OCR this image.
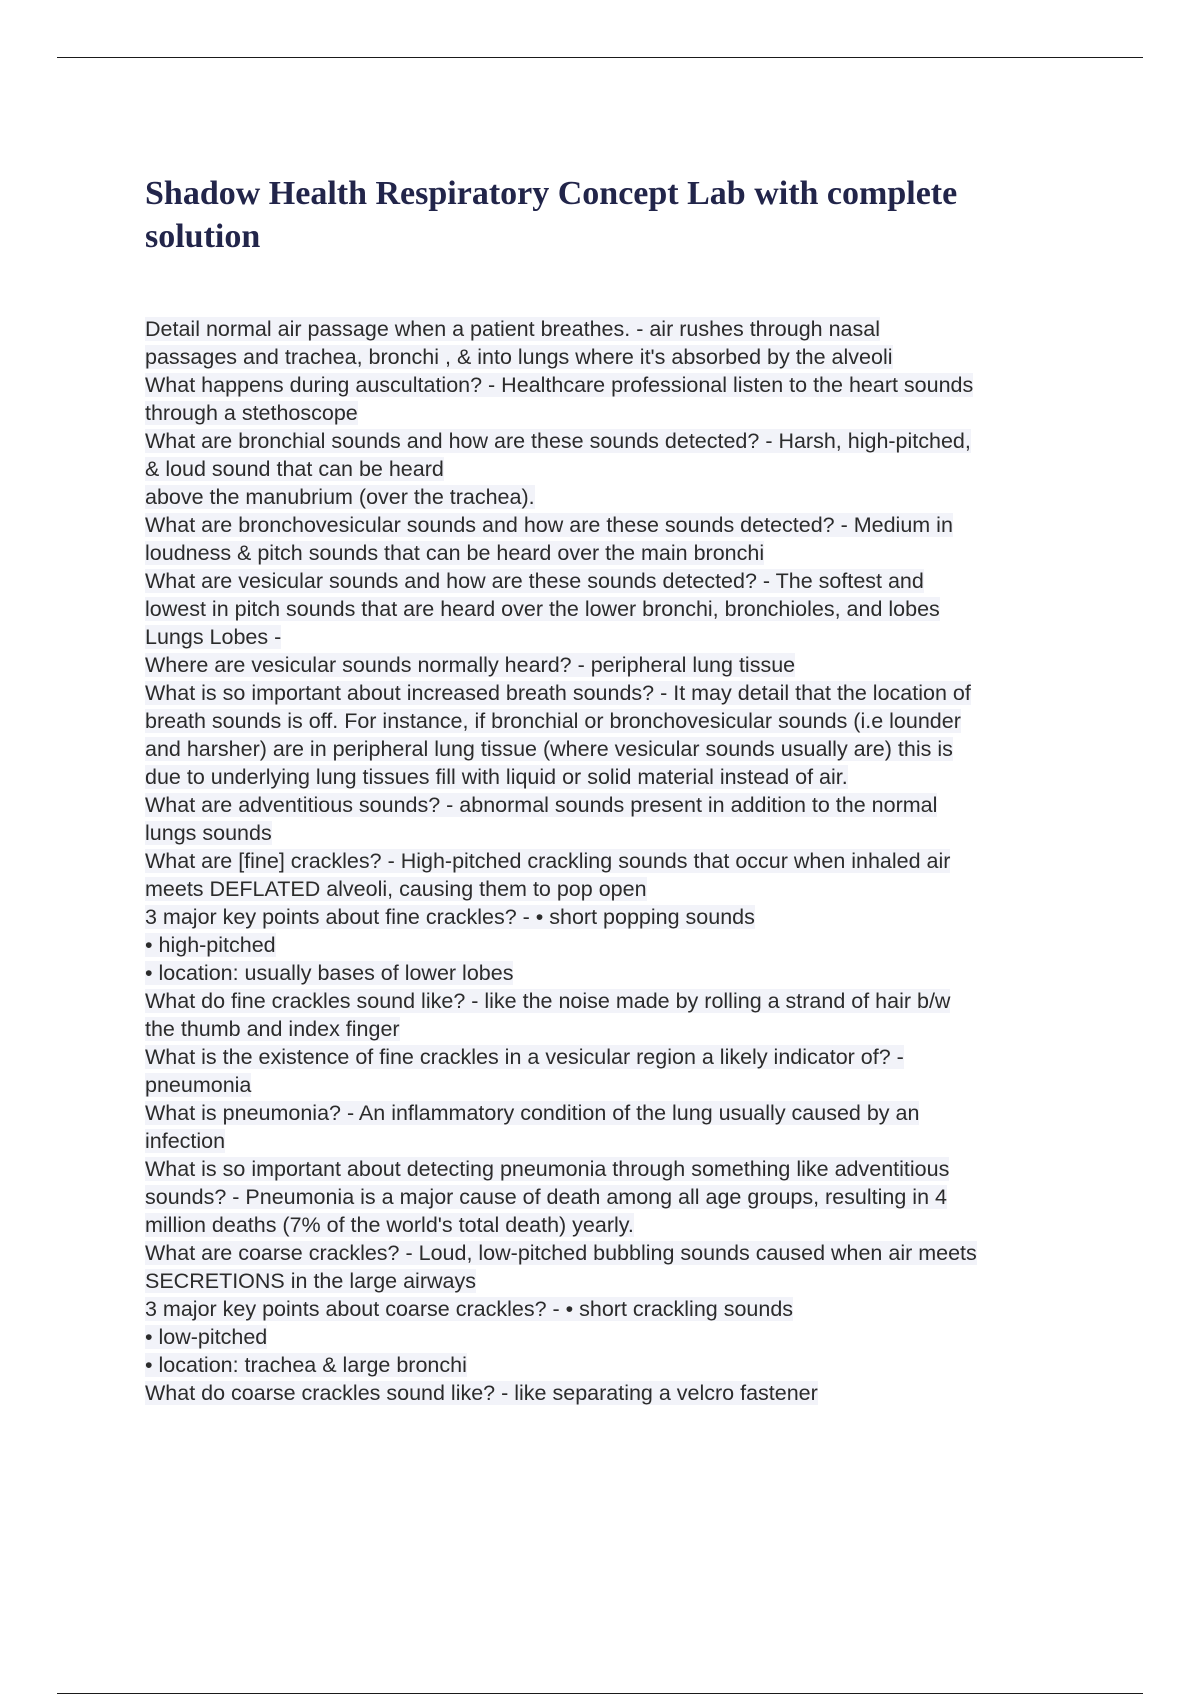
Shadow Health Respiratory Concept Lab with complete
solution
Detail normal air passage when a patient breathes. - air rushes through nasal
passages and trachea, bronchi , & into lungs where it's absorbed by the alveoli
What happens during auscultation? - Healthcare professional listen to the heart sounds
through a stethoscope
What are bronchial sounds and how are these sounds detected? - Harsh, high-pitched,
& loud sound that can be heard
above the manubrium (over the trachea).
What are bronchovesicular sounds and how are these sounds detected? - Medium in
loudness & pitch sounds that can be heard over the main bronchi
What are vesicular sounds and how are these sounds detected? - The softest and
lowest in pitch sounds that are heard over the lower bronchi, bronchioles, and lobes
Lungs Lobes -
Where are vesicular sounds normally heard? - peripheral lung tissue
What is so important about increased breath sounds? - It may detail that the location of
breath sounds is off. For instance, if bronchial or bronchovesicular sounds (i.e lounder
and harsher) are in peripheral lung tissue (where vesicular sounds usually are) this is
due to underlying lung tissues fill with liquid or solid material instead of air.
What are adventitious sounds? - abnormal sounds present in addition to the normal
lungs sounds
What are [fine] crackles? - High-pitched crackling sounds that occur when inhaled air
meets DEFLATED alveoli, causing them to pop open
3 major key points about fine crackles? - • short popping sounds
• high-pitched
• location: usually bases of lower lobes
What do fine crackles sound like? - like the noise made by rolling a strand of hair b/w
the thumb and index finger
What is the existence of fine crackles in a vesicular region a likely indicator of? -
pneumonia
What is pneumonia? - An inflammatory condition of the lung usually caused by an
infection
What is so important about detecting pneumonia through something like adventitious
sounds? - Pneumonia is a major cause of death among all age groups, resulting in 4
million deaths (7% of the world's total death) yearly.
What are coarse crackles? - Loud, low-pitched bubbling sounds caused when air meets
SECRETIONS in the large airways
3 major key points about coarse crackles? - • short crackling sounds
• low-pitched
• location: trachea & large bronchi
What do coarse crackles sound like? - like separating a velcro fastener
